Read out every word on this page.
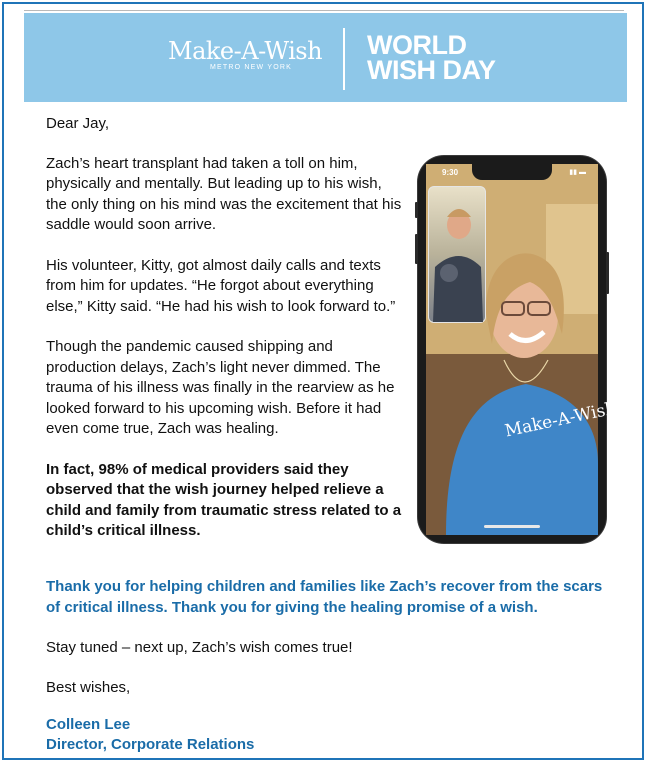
Make-A-Wish
METRO NEW YORK
WORLD
WISH DAY

Dear Jay,

Zach’s heart transplant had taken a toll on him, physically and mentally. But leading up to his wish, the only thing on his mind was the excitement that his saddle would soon arrive.

His volunteer, Kitty, got almost daily calls and texts from him for updates. “He forgot about everything else,” Kitty said. “He had his wish to look forward to.”

Though the pandemic caused shipping and production delays, Zach’s light never dimmed. The trauma of his illness was finally in the rearview as he looked forward to his upcoming wish. Before it had even come true, Zach was healing.

In fact, 98% of medical providers said they observed that the wish journey helped relieve a child and family from traumatic stress related to a child’s critical illness.

Thank you for helping children and families like Zach’s recover from the scars of critical illness. Thank you for giving the healing promise of a wish.

Stay tuned – next up, Zach’s wish comes true!

Best wishes,

Colleen Lee

Director, Corporate Relations

9:30	▮▮ ▬
Make-A-Wish
